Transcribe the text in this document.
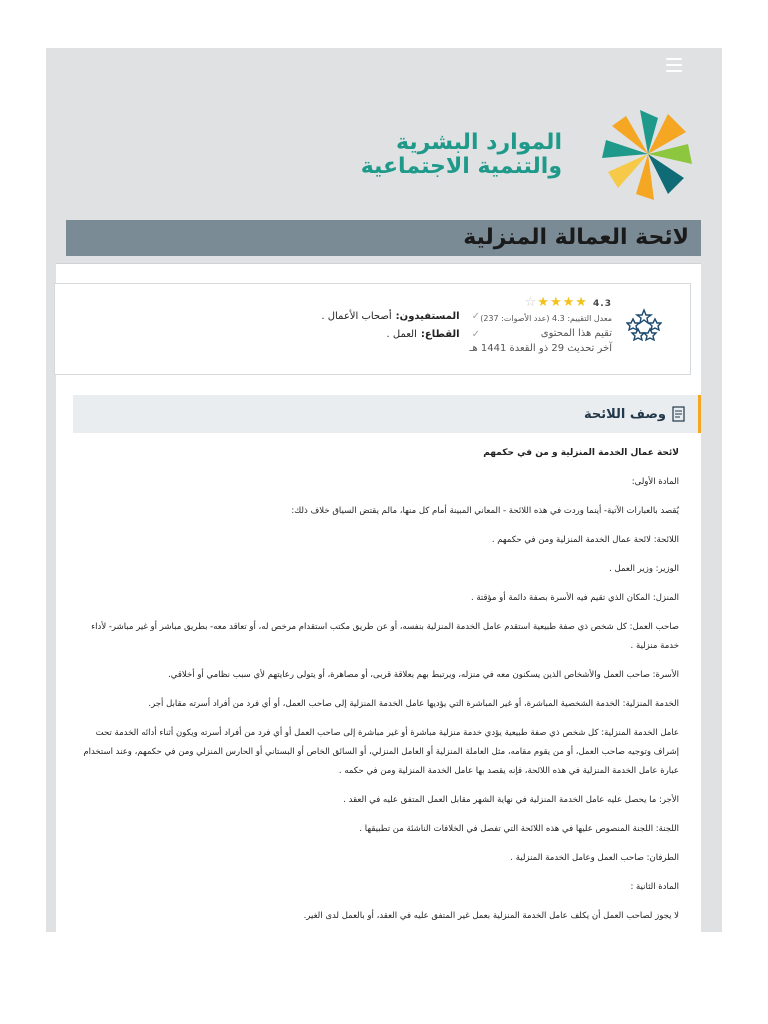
الموارد البشرية
والتنمية الاجتماعية
لائحة العمالة المنزلية
4.3 ★★★★☆
معدل التقييم: 4.3 (عدد الأصوات: 237)
تقيم هذا المحتوى
آخر تحديث 29 ذو القعدة 1441 هـ
✓
المستفيدون:
أصحاب الأعمال .
✓
القطاع:
العمل .
وصف اللائحة

لائحة عمال الخدمة المنزلية و من في حكمهم

المادة الأولى:

يُقصد بالعبارات الآتية- أينما وردت في هذه اللائحة - المعاني المبينة أمام كل منها، مالم يقتض السياق خلاف ذلك:

اللائحة: لائحة عمال الخدمة المنزلية ومن في حكمهم .

الوزير: وزير العمل .

المنزل: المكان الذي تقيم فيه الأسرة بصفة دائمة أو مؤقتة .

صاحب العمل: كل شخص ذي صفة طبيعية استقدم عامل الخدمة المنزلية بنفسه، أو عن طريق مكتب استقدام مرخص له، أو تعاقد معه- بطريق مباشر أو غير مباشر- لأداء خدمة منزلية .

الأسرة: صاحب العمل والأشخاص الذين يسكنون معه في منزله، ويرتبط بهم بعلاقة قربى، أو مصاهرة، أو يتولى رعايتهم لأي سبب نظامي أو أخلاقي.

الخدمة المنزلية: الخدمة الشخصية المباشرة، أو غير المباشرة التي يؤديها عامل الخدمة المنزلية إلى صاحب العمل، أو أي فرد من أفراد أسرته مقابل أجر.

عامل الخدمة المنزلية: كل شخص ذي صفة طبيعية يؤدي خدمة منزلية مباشرة أو غير مباشرة إلى صاحب العمل أو أي فرد من أفراد أسرته ويكون أثناء أدائه الخدمة تحت إشراف وتوجيه صاحب العمل، أو من يقوم مقامه، مثل العاملة المنزلية أو العامل المنزلي، أو السائق الخاص أو البستاني أو الحارس المنزلي ومن في حكمهم، وعند استخدام عبارة عامل الخدمة المنزلية في هذه اللائحة، فإنه يقصد بها عامل الخدمة المنزلية ومن في حكمه .

الأجر: ما يحصل عليه عامل الخدمة المنزلية في نهاية الشهر مقابل العمل المتفق عليه في العقد .

اللجنة: اللجنة المنصوص عليها في هذه اللائحة التي تفصل في الخلافات الناشئة من تطبيقها .

الطرفان: صاحب العمل وعامل الخدمة المنزلية .

المادة الثانية :

لا يجوز لصاحب العمل أن يكلف عامل الخدمة المنزلية بعمل غير المتفق عليه في العقد، أو بالعمل لدى الغير.
